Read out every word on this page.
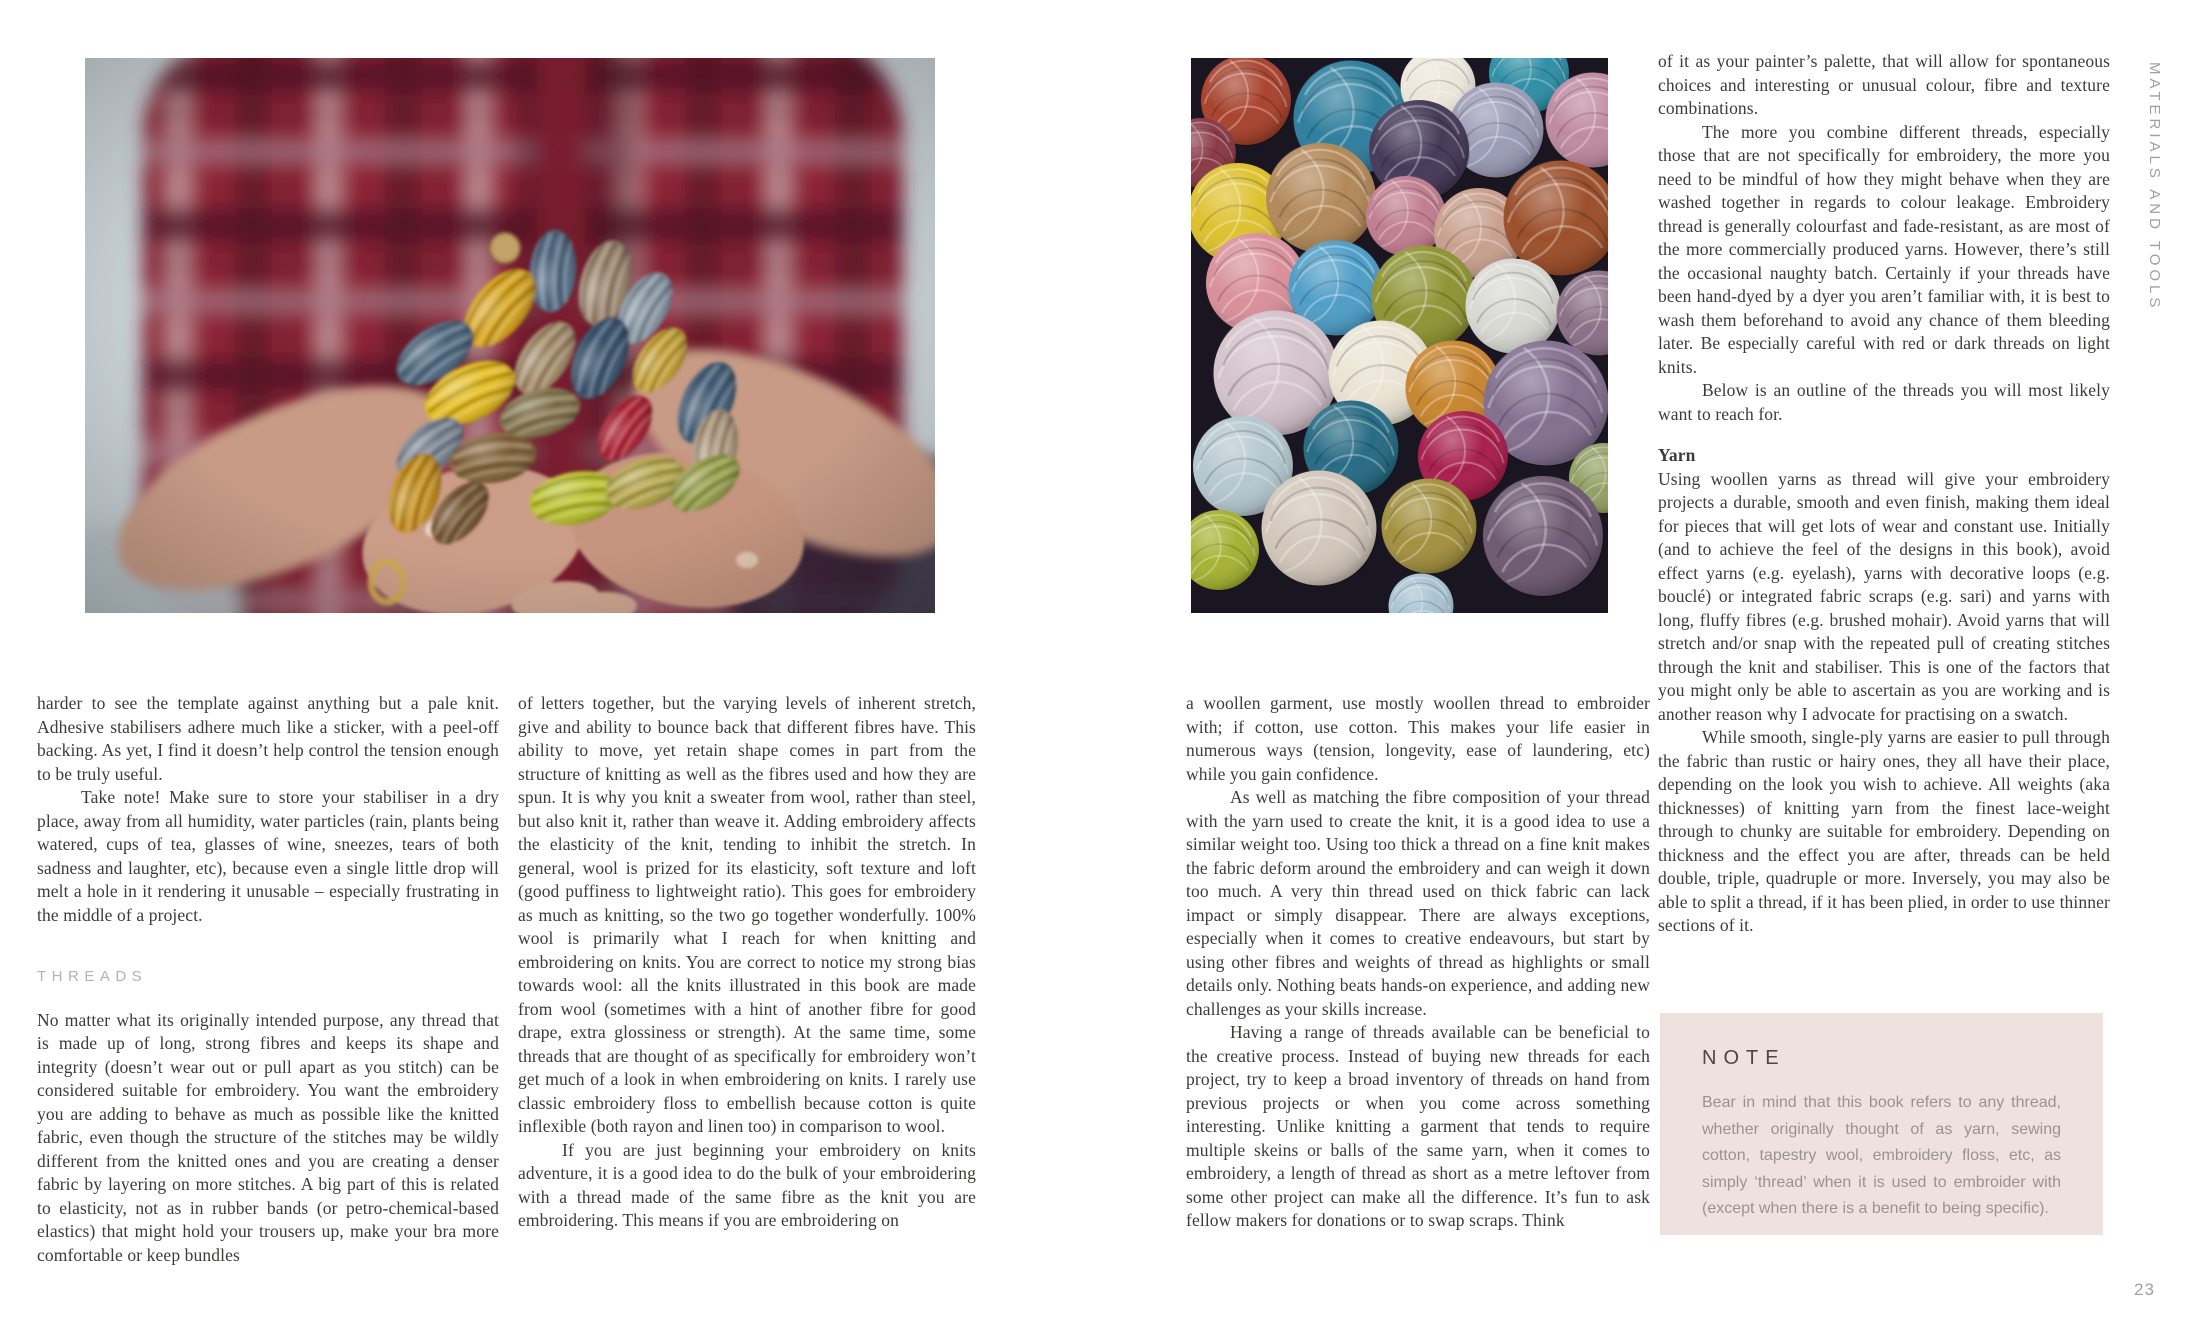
harder to see the template against anything but a pale knit. Adhesive stabilisers adhere much like a sticker, with a peel-off backing. As yet, I find it doesn’t help control the tension enough to be truly useful.

Take note! Make sure to store your stabiliser in a dry place, away from all humidity, water particles (rain, plants being watered, cups of tea, glasses of wine, sneezes, tears of both sadness and laughter, etc), because even a single little drop will melt a hole in it rendering it unusable – especially frustrating in the middle of a project.

THREADS

No matter what its originally intended purpose, any thread that is made up of long, strong fibres and keeps its shape and integrity (doesn’t wear out or pull apart as you stitch) can be considered suitable for embroidery. You want the embroidery you are adding to behave as much as possible like the knitted fabric, even though the structure of the stitches may be wildly different from the knitted ones and you are creating a denser fabric by layering on more stitches. A big part of this is related to elasticity, not as in rubber bands (or petro-chemical-based elastics) that might hold your trousers up, make your bra more comfortable or keep bundles

of letters together, but the varying levels of inherent stretch, give and ability to bounce back that different fibres have. This ability to move, yet retain shape comes in part from the structure of knitting as well as the fibres used and how they are spun. It is why you knit a sweater from wool, rather than steel, but also knit it, rather than weave it. Adding embroidery affects the elasticity of the knit, tending to inhibit the stretch. In general, wool is prized for its elasticity, soft texture and loft (good puffiness to lightweight ratio). This goes for embroidery as much as knitting, so the two go together wonderfully. 100% wool is primarily what I reach for when knitting and embroidering on knits. You are correct to notice my strong bias towards wool: all the knits illustrated in this book are made from wool (sometimes with a hint of another fibre for good drape, extra glossiness or strength). At the same time, some threads that are thought of as specifically for embroidery won’t get much of a look in when embroidering on knits. I rarely use classic embroidery floss to embellish because cotton is quite inflexible (both rayon and linen too) in comparison to wool.

If you are just beginning your embroidery on knits adventure, it is a good idea to do the bulk of your embroidering with a thread made of the same fibre as the knit you are embroidering. This means if you are embroidering on

a woollen garment, use mostly woollen thread to embroider with; if cotton, use cotton. This makes your life easier in numerous ways (tension, longevity, ease of laundering, etc) while you gain confidence.

As well as matching the fibre composition of your thread with the yarn used to create the knit, it is a good idea to use a similar weight too. Using too thick a thread on a fine knit makes the fabric deform around the embroidery and can weigh it down too much. A very thin thread used on thick fabric can lack impact or simply disappear. There are always exceptions, especially when it comes to creative endeavours, but start by using other fibres and weights of thread as highlights or small details only. Nothing beats hands-on experience, and adding new challenges as your skills increase.

Having a range of threads available can be beneficial to the creative process. Instead of buying new threads for each project, try to keep a broad inventory of threads on hand from previous projects or when you come across something interesting. Unlike knitting a garment that tends to require multiple skeins or balls of the same yarn, when it comes to embroidery, a length of thread as short as a metre leftover from some other project can make all the difference. It’s fun to ask fellow makers for donations or to swap scraps. Think

of it as your painter’s palette, that will allow for spontaneous choices and interesting or unusual colour, fibre and texture combinations.

The more you combine different threads, especially those that are not specifically for embroidery, the more you need to be mindful of how they might behave when they are washed together in regards to colour leakage. Embroidery thread is generally colourfast and fade-resistant, as are most of the more commercially produced yarns. However, there’s still the occasional naughty batch. Certainly if your threads have been hand-dyed by a dyer you aren’t familiar with, it is best to wash them beforehand to avoid any chance of them bleeding later. Be especially careful with red or dark threads on light knits.

Below is an outline of the threads you will most likely want to reach for.

Yarn

Using woollen yarns as thread will give your embroidery projects a durable, smooth and even finish, making them ideal for pieces that will get lots of wear and constant use. Initially (and to achieve the feel of the designs in this book), avoid effect yarns (e.g. eyelash), yarns with decorative loops (e.g. bouclé) or integrated fabric scraps (e.g. sari) and yarns with long, fluffy fibres (e.g. brushed mohair). Avoid yarns that will stretch and/or snap with the repeated pull of creating stitches through the knit and stabiliser. This is one of the factors that you might only be able to ascertain as you are working and is another reason why I advocate for practising on a swatch.

While smooth, single-ply yarns are easier to pull through the fabric than rustic or hairy ones, they all have their place, depending on the look you wish to achieve. All weights (aka thicknesses) of knitting yarn from the finest lace-weight through to chunky are suitable for embroidery. Depending on thickness and the effect you are after, threads can be held double, triple, quadruple or more. Inversely, you may also be able to split a thread, if it has been plied, in order to use thinner sections of it.

NOTE

Bear in mind that this book refers to any thread, whether originally thought of as yarn, sewing cotton, tapestry wool, embroidery floss, etc, as simply ‘thread’ when it is used to embroider with (except when there is a benefit to being specific).

MATERIALS AND TOOLS
23
